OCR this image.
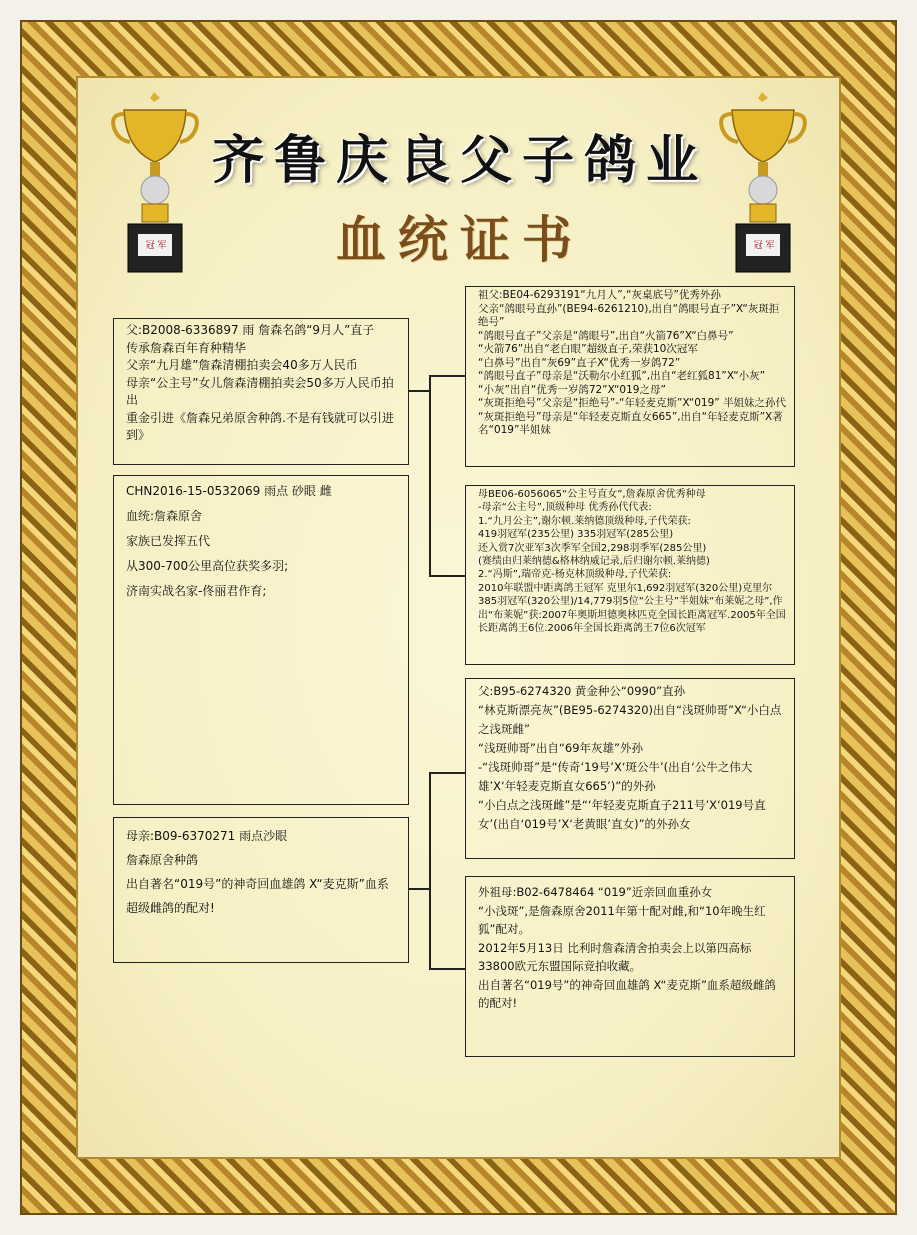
齐鲁庆良父子鸽业
血统证书
冠 军	冠 军

父:B2008-6336897 雨 詹森名鸽“9月人”直子

传承詹森百年育种精华

父亲“九月雄”詹森清棚拍卖会40多万人民币

母亲“公主号”女儿詹森清棚拍卖会50多万人民币拍出

重金引进《詹森兄弟原舍种鸽.不是有钱就可以引进到》

CHN2016-15-0532069 雨点 砂眼 雌

血统:詹森原舍

家族已发挥五代

从300-700公里高位获奖多羽;

济南实战名家-佟丽君作育;

母亲:B09-6370271 雨点沙眼

詹森原舍种鸽

出自著名“019号”的神奇回血雄鸽 X“麦克斯”血系超级雌鸽的配对!

祖父:BE04-6293191“九月人”,“灰桌底号”优秀外孙

父亲“鸽眼号直孙”(BE94-6261210),出自“鸽眼号直子”X“灰斑拒绝号”

“鸽眼号直子”父亲是“鸽眼号”,出自“火箭76”X“白鼻号”

“火箭76”出自“老白眼”超级直子,荣获10次冠军

“白鼻号”出自“灰69”直子X“优秀一岁鸽72”

“鸽眼号直子”母亲是“沃勒尔小红狐”,出自“老红狐81”X“小灰”

“小灰”出自“优秀一岁鸽72”X“019之母”

“灰斑拒绝号”父亲是“拒绝号”-“年轻麦克斯”X“019” 半姐妹之孙代

“灰斑拒绝号”母亲是“年轻麦克斯直女665”,出自“年轻麦克斯”X著名“019”半姐妹

母BE06-6056065“公主号直女”,詹森原舍优秀种母

-母亲“公主号”,顶级种母 优秀孙代代表:

1.“九月公主”,谢尔顿.莱纳德顶级种母,子代荣获:

419羽冠军(235公里) 335羽冠军(285公里)

还入赏7次亚军3次季军全国2,298羽季军(285公里)

(赛绩由归莱纳德&格林纳威记录,后归谢尔顿.莱纳德)

2.“冯斯”,瑞帝克-杨克林顶级种母,子代荣获:

2010年联盟中距离鸽王冠军 克里尔1,692羽冠军(320公里)克里尔385羽冠军(320公里)/14,779羽5位“公主号”半姐妹“布莱妮之母”,作出“布莱妮”获:2007年奥斯坦德奥林匹克全国长距离冠军.2005年全国长距离鸽王6位.2006年全国长距离鸽王7位6次冠军

父:B95-6274320 黄金种公“0990”直孙

“林克斯漂亮灰”(BE95-6274320)出自“浅斑帅哥”X“小白点之浅斑雌”

“浅斑帅哥”出自“69年灰雄”外孙

-“浅斑帅哥”是“传奇‘19号’X‘斑公牛’(出自‘公牛之伟大雄’X‘年轻麦克斯直女665’)”的外孙

“小白点之浅斑雌”是“‘年轻麦克斯直子211号’X‘019号直女’(出自‘019号’X‘老黄眼’直女)”的外孙女

外祖母:B02-6478464 “019”近亲回血重孙女

“小浅斑”,是詹森原舍2011年第十配对雌,和“10年晚生红狐”配对。

2012年5月13日 比利时詹森清舍拍卖会上以第四高标33800欧元东盟国际竞拍收藏。

出自著名“019号”的神奇回血雄鸽 X“麦克斯”血系超级雌鸽的配对!
